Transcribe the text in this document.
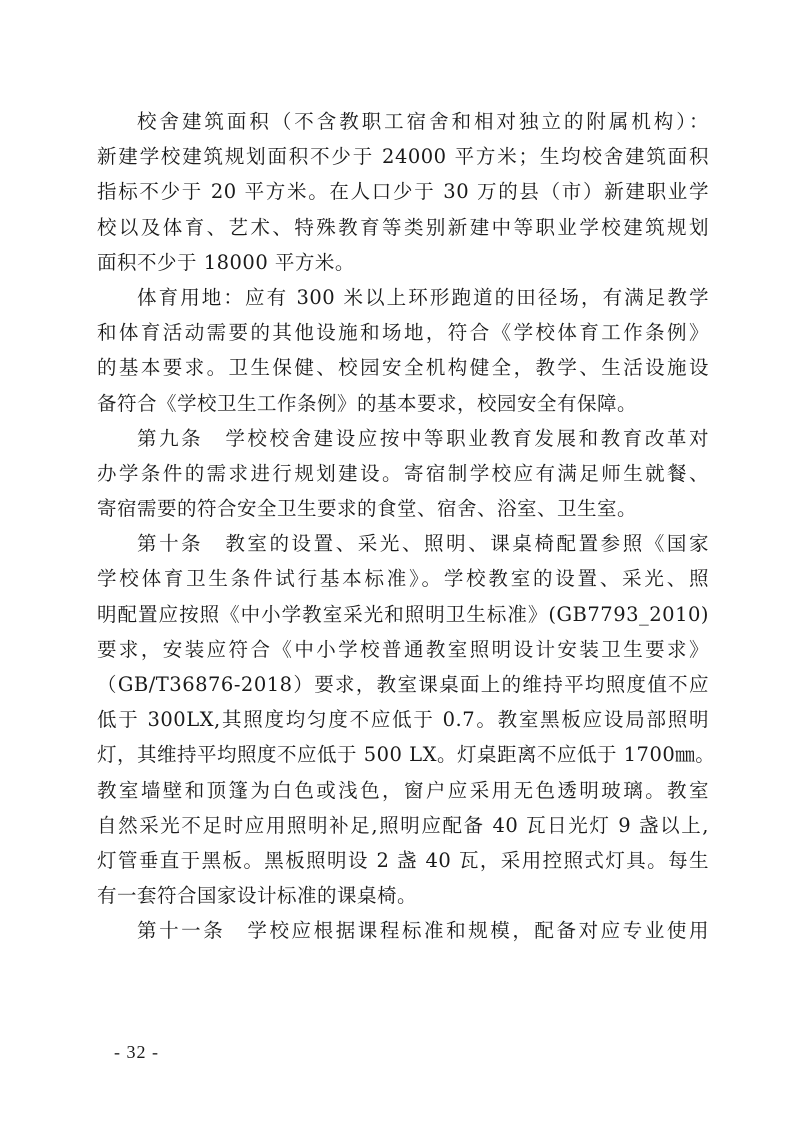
校舍建筑面积（不含教职工宿舍和相对独立的附属机构）：
新建学校建筑规划面积不少于 24000 平方米；生均校舍建筑面积
指标不少于 20 平方米。在人口少于 30 万的县（市）新建职业学
校以及体育、艺术、特殊教育等类别新建中等职业学校建筑规划
面积不少于 18000 平方米。
体育用地：应有 300 米以上环形跑道的田径场，有满足教学
和体育活动需要的其他设施和场地，符合《学校体育工作条例》
的基本要求。卫生保健、校园安全机构健全，教学、生活设施设
备符合《学校卫生工作条例》的基本要求，校园安全有保障。
第九条　学校校舍建设应按中等职业教育发展和教育改革对
办学条件的需求进行规划建设。寄宿制学校应有满足师生就餐、
寄宿需要的符合安全卫生要求的食堂、宿舍、浴室、卫生室。
第十条　教室的设置、采光、照明、课桌椅配置参照《国家
学校体育卫生条件试行基本标准》。学校教室的设置、采光、照
明配置应按照《中小学教室采光和照明卫生标准》(GB7793_2010)
要求，安装应符合《中小学校普通教室照明设计安装卫生要求》
（GB/T36876-2018）要求，教室课桌面上的维持平均照度值不应
低于 300LX,其照度均匀度不应低于 0.7。教室黑板应设局部照明
灯，其维持平均照度不应低于 500 LX。灯桌距离不应低于 1700㎜。
教室墙壁和顶篷为白色或浅色，窗户应采用无色透明玻璃。教室
自然采光不足时应用照明补足,照明应配备 40 瓦日光灯 9 盏以上,
灯管垂直于黑板。黑板照明设 2 盏 40 瓦，采用控照式灯具。每生
有一套符合国家设计标准的课桌椅。
第十一条　学校应根据课程标准和规模，配备对应专业使用
- 32 -
